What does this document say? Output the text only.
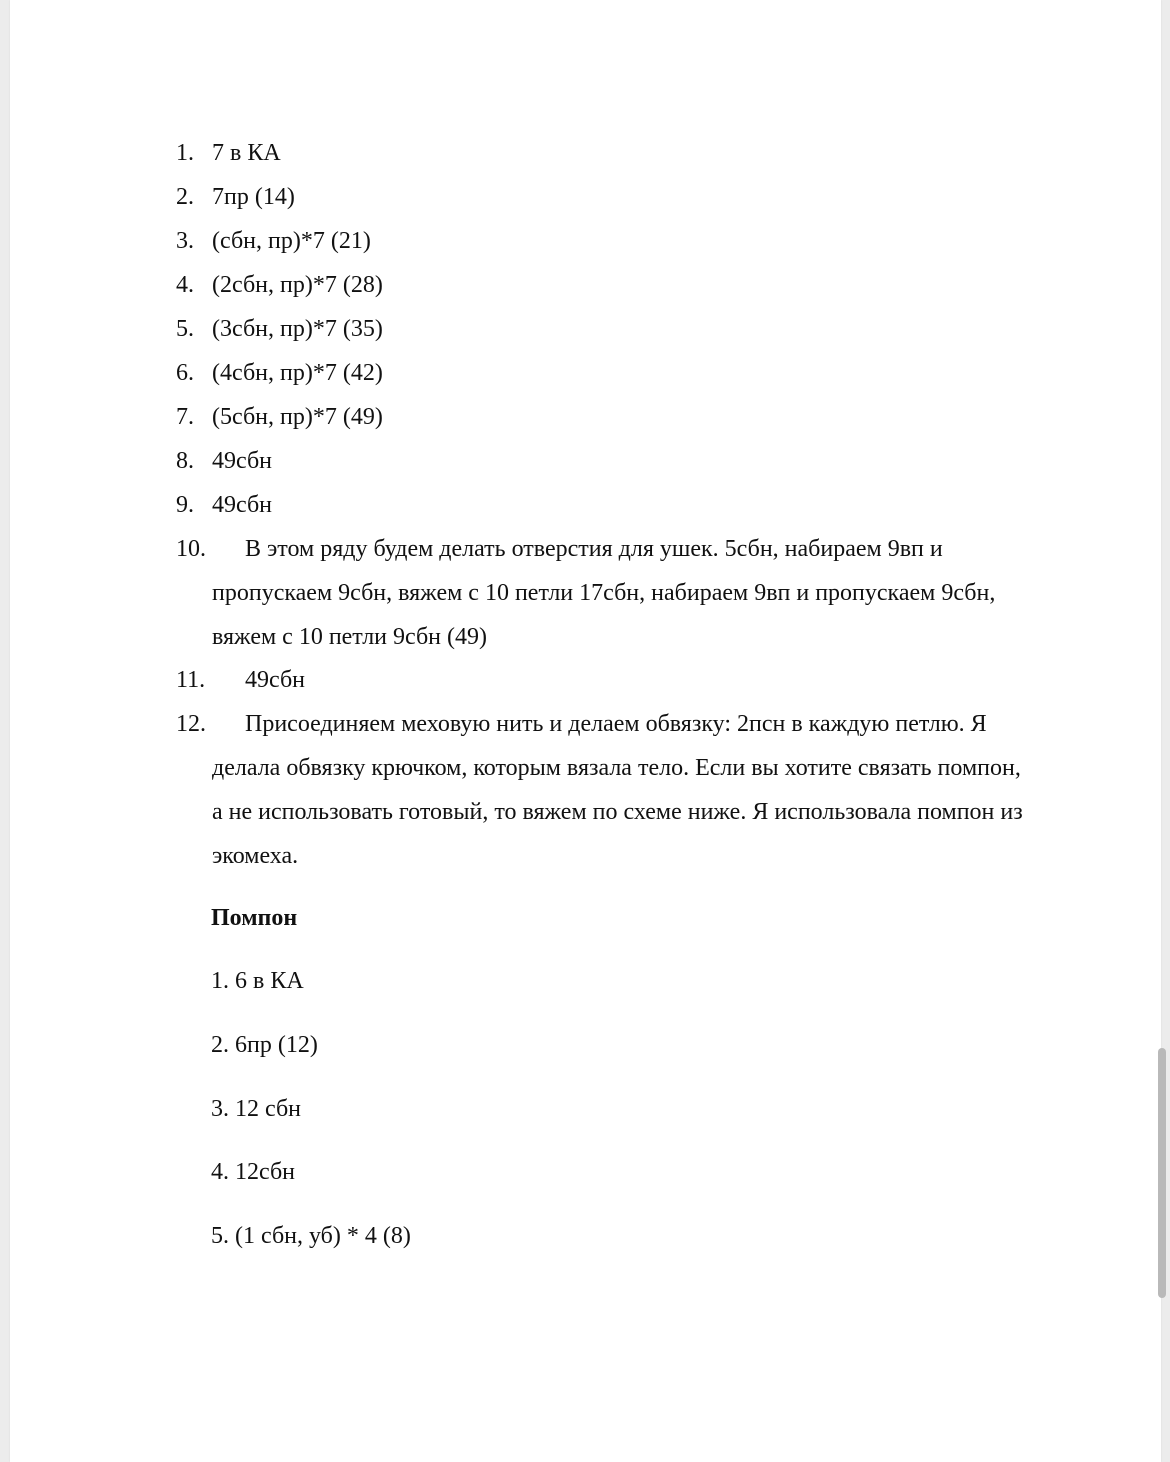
1. 7 в КА
2. 7пр (14)
3. (сбн, пр)*7 (21)
4. (2сбн, пр)*7 (28)
5. (3сбн, пр)*7 (35)
6. (4сбн, пр)*7 (42)
7. (5сбн, пр)*7 (49)
8. 49сбн
9. 49сбн
10.	В этом ряду будем делать отверстия для ушек. 5сбн, набираем 9вп и пропускаем 9сбн, вяжем с 10 петли 17сбн, набираем 9вп и пропускаем 9сбн, вяжем с 10 петли 9сбн (49)
11.	49сбн
12.	Присоединяем меховую нить и делаем обвязку: 2псн в каждую петлю. Я делала обвязку крючком, которым вязала тело. Если вы хотите связать помпон, а не использовать готовый, то вяжем по схеме ниже. Я использовала помпон из экомеха.
Помпон
1. 6 в КА
2. 6пр (12)
3. 12 сбн
4. 12сбн
5. (1 сбн, уб) * 4 (8)
